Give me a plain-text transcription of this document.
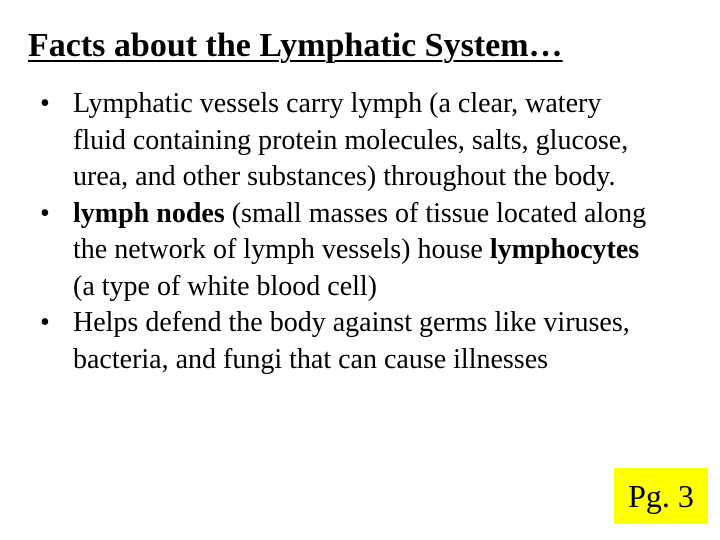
Facts about the Lymphatic System…
• Lymphatic vessels carry lymph (a clear, watery fluid containing protein molecules, salts, glucose, urea, and other substances) throughout the body.
• lymph nodes (small masses of tissue located along the network of lymph vessels) house lymphocytes (a type of white blood cell)
• Helps defend the body against germs like viruses, bacteria, and fungi that can cause illnesses
Pg. 3
